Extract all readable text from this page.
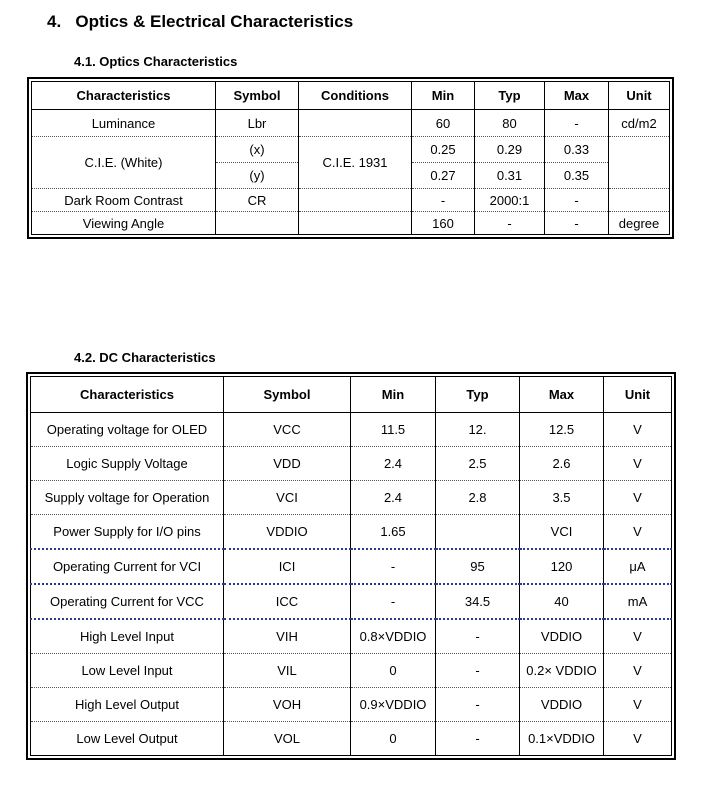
4. Optics & Electrical Characteristics
4.1. Optics Characteristics
Characteristics	Symbol	Conditions	Min	Typ	Max	Unit
Luminance	Lbr		60	80	-	cd/m2
C.I.E. (White)	(x)	C.I.E. 1931	0.25	0.29	0.33	
	(y)		0.27	0.31	0.35	
Dark Room Contrast	CR		-	2000:1	-	
Viewing Angle			160	-	-	degree
4.2. DC Characteristics
Characteristics	Symbol	Min	Typ	Max	Unit
Operating voltage for OLED	VCC	11.5	12.	12.5	V
Logic Supply Voltage	VDD	2.4	2.5	2.6	V
Supply voltage for Operation	VCI	2.4	2.8	3.5	V
Power Supply for I/O pins	VDDIO	1.65		VCI	V
Operating Current for VCI	ICI	-	95	120	μA
Operating Current for VCC	ICC	-	34.5	40	mA
High Level Input	VIH	0.8×VDDIO	-	VDDIO	V
Low Level Input	VIL	0	-	0.2× VDDIO	V
High Level Output	VOH	0.9×VDDIO	-	VDDIO	V
Low Level Output	VOL	0	-	0.1×VDDIO	V
